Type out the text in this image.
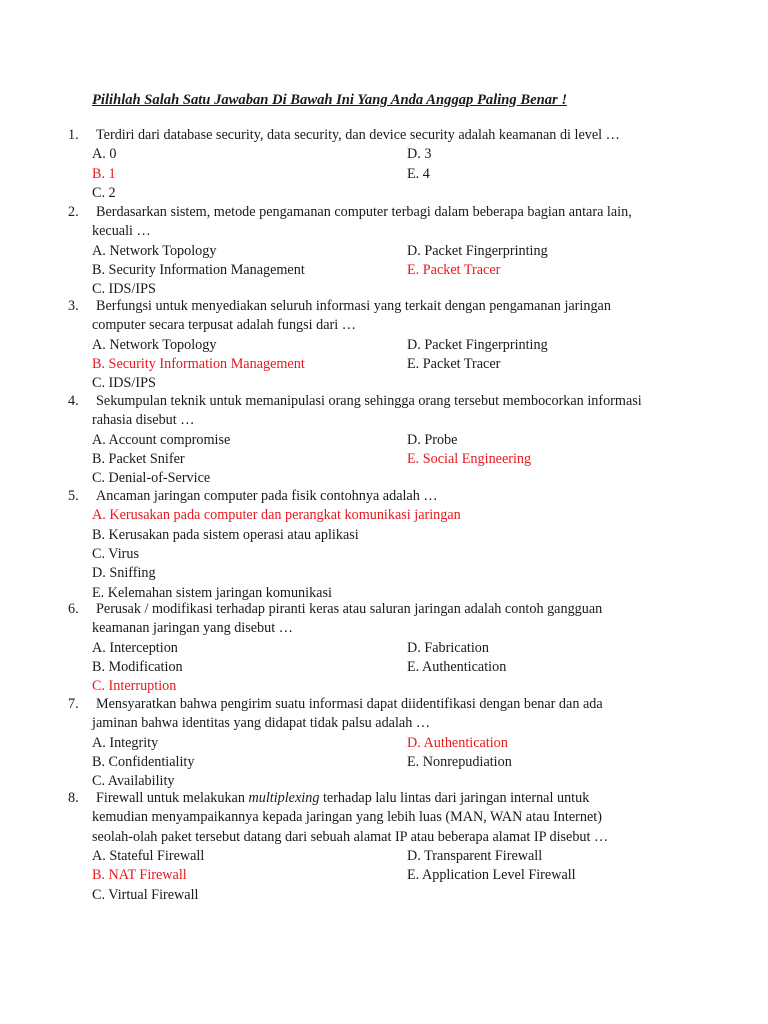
Pilihlah Salah Satu Jawaban Di Bawah Ini Yang Anda Anggap Paling Benar !
1. Terdiri dari database security, data security, dan device security adalah keamanan di level …
A. 0
B. 1
C. 2
D. 3
E. 4
2. Berdasarkan sistem, metode pengamanan computer terbagi dalam beberapa bagian antara lain,
kecuali …
A. Network Topology
B. Security Information Management
C. IDS/IPS
D. Packet Fingerprinting
E. Packet Tracer
3. Berfungsi untuk menyediakan seluruh informasi yang terkait dengan pengamanan jaringan
computer secara terpusat adalah fungsi dari …
A. Network Topology
B. Security Information Management
C. IDS/IPS
D. Packet Fingerprinting
E. Packet Tracer
4. Sekumpulan teknik untuk memanipulasi orang sehingga orang tersebut membocorkan informasi
rahasia disebut …
A. Account compromise
B. Packet Snifer
C. Denial-of-Service
D. Probe
E. Social Engineering
5. Ancaman jaringan computer pada fisik contohnya adalah …
A. Kerusakan pada computer dan perangkat komunikasi jaringan
B. Kerusakan pada sistem operasi atau aplikasi
C. Virus
D. Sniffing
E. Kelemahan sistem jaringan komunikasi
6. Perusak / modifikasi terhadap piranti keras atau saluran jaringan adalah contoh gangguan
keamanan jaringan yang disebut …
A. Interception
B. Modification
C. Interruption
D. Fabrication
E. Authentication
7. Mensyaratkan bahwa pengirim suatu informasi dapat diidentifikasi dengan benar dan ada
jaminan bahwa identitas yang didapat tidak palsu adalah …
A. Integrity
B. Confidentiality
C. Availability
D. Authentication
E. Nonrepudiation
8. Firewall untuk melakukan multiplexing terhadap lalu lintas dari jaringan internal untuk
kemudian menyampaikannya kepada jaringan yang lebih luas (MAN, WAN atau Internet)
seolah-olah paket tersebut datang dari sebuah alamat IP atau beberapa alamat IP disebut …
A. Stateful Firewall
B. NAT Firewall
C. Virtual Firewall
D. Transparent Firewall
E. Application Level Firewall
